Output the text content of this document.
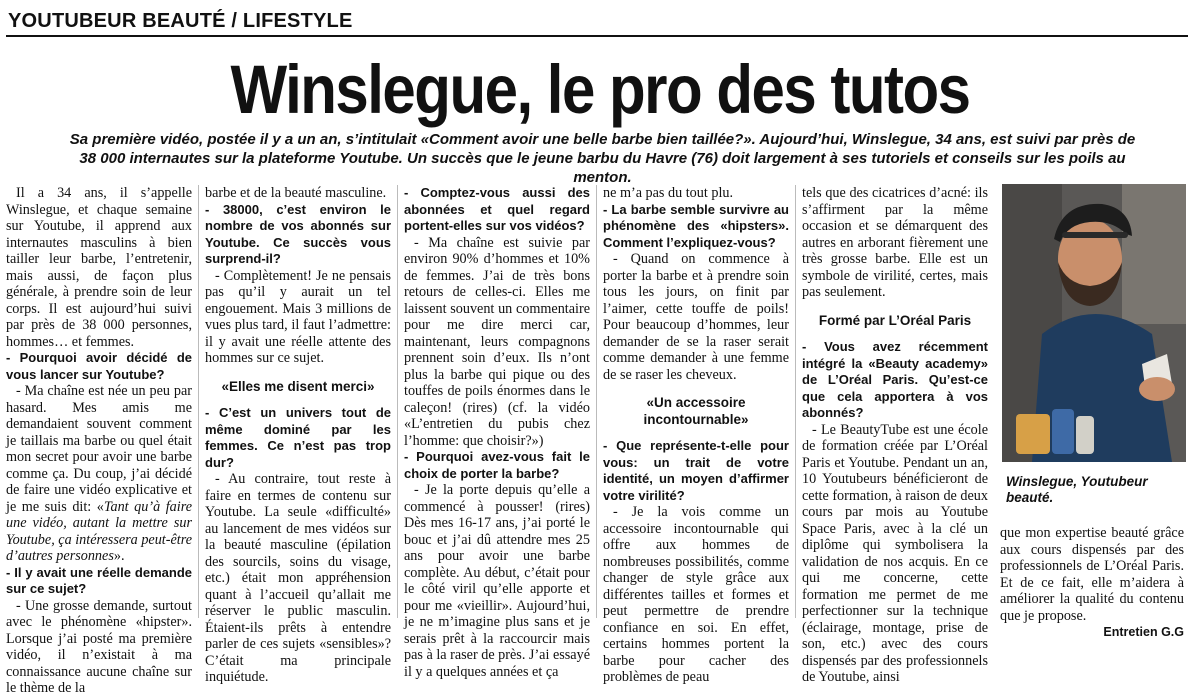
YOUTUBEUR BEAUTÉ / LIFESTYLE
Winslegue, le pro des tutos
Sa première vidéo, postée il y a un an, s’intitulait «Comment avoir une belle barbe bien taillée?». Aujourd’hui, Winslegue, 34 ans, est suivi par près de 38 000 internautes sur la plateforme Youtube. Un succès que le jeune barbu du Havre (76) doit largement à ses tutoriels et conseils sur les poils au menton.

Il a 34 ans, il s’appelle Winslegue, et chaque semaine sur Youtube, il apprend aux internautes masculins à bien tailler leur barbe, l’entretenir, mais aussi, de façon plus générale, à prendre soin de leur corps. Il est aujourd’hui suivi par près de 38 000 personnes, hommes… et femmes.

- Pourquoi avoir décidé de vous lancer sur Youtube?

- Ma chaîne est née un peu par hasard. Mes amis me demandaient souvent comment je taillais ma barbe ou quel était mon secret pour avoir une barbe comme ça. Du coup, j’ai décidé de faire une vidéo explicative et je me suis dit: «Tant qu’à faire une vidéo, autant la mettre sur Youtube, ça intéressera peut-être d’autres personnes».

- Il y avait une réelle demande sur ce sujet?

- Une grosse demande, surtout avec le phénomène «hipster». Lorsque j’ai posté ma première vidéo, il n’existait à ma connaissance aucune chaîne sur le thème de la

barbe et de la beauté masculine.

- 38000, c’est environ le nombre de vos abonnés sur Youtube. Ce succès vous surprend-il?

- Complètement! Je ne pensais pas qu’il y aurait un tel engouement. Mais 3 millions de vues plus tard, il faut l’admettre: il y avait une réelle attente des hommes sur ce sujet.

«Elles me disent merci»

- C’est un univers tout de même dominé par les femmes. Ce n’est pas trop dur?

- Au contraire, tout reste à faire en termes de contenu sur Youtube. La seule «difficulté» au lancement de mes vidéos sur la beauté masculine (épilation des sourcils, soins du visage, etc.) était mon appréhension quant à l’accueil qu’allait me réserver le public masculin. Étaient-ils prêts à entendre parler de ces sujets «sensibles»? C’était ma principale inquiétude.

- Comptez-vous aussi des abonnées et quel regard portent-elles sur vos vidéos?

- Ma chaîne est suivie par environ 90% d’hommes et 10% de femmes. J’ai de très bons retours de celles-ci. Elles me laissent souvent un commentaire pour me dire merci car, maintenant, leurs compagnons prennent soin d’eux. Ils n’ont plus la barbe qui pique ou des touffes de poils énormes dans le caleçon! (rires) (cf. la vidéo «L’entretien du pubis chez l’homme: que choisir?»)

- Pourquoi avez-vous fait le choix de porter la barbe?

- Je la porte depuis qu’elle a commencé à pousser! (rires) Dès mes 16-17 ans, j’ai porté le bouc et j’ai dû attendre mes 25 ans pour avoir une barbe complète. Au début, c’était pour le côté viril qu’elle apporte et pour me «vieillir». Aujourd’hui, je ne m’imagine plus sans et je serais prêt à la raccourcir mais pas à la raser de près. J’ai essayé il y a quelques années et ça

ne m’a pas du tout plu.

- La barbe semble survivre au phénomène des «hipsters». Comment l’expliquez-vous?

- Quand on commence à porter la barbe et à prendre soin tous les jours, on finit par l’aimer, cette touffe de poils! Pour beaucoup d’hommes, leur demander de se la raser serait comme demander à une femme de se raser les cheveux.

«Un accessoire incontournable»

- Que représente-t-elle pour vous: un trait de votre identité, un moyen d’affirmer votre virilité?

- Je la vois comme un accessoire incontournable qui offre aux hommes de nombreuses possibilités, comme changer de style grâce aux différentes tailles et formes et peut permettre de prendre confiance en soi. En effet, certains hommes portent la barbe pour cacher des problèmes de peau

tels que des cicatrices d’acné: ils s’affirment par la même occasion et se démarquent des autres en arborant fièrement une très grosse barbe. Elle est un symbole de virilité, certes, mais pas seulement.

Formé par L’Oréal Paris

- Vous avez récemment intégré la «Beauty academy» de L’Oréal Paris. Qu’est-ce que cela apportera à vos abonnés?

- Le BeautyTube est une école de formation créée par L’Oréal Paris et Youtube. Pendant un an, 10 Youtubeurs bénéficieront de cette formation, à raison de deux cours par mois au Youtube Space Paris, avec à la clé un diplôme qui symbolisera la validation de nos acquis. En ce qui me concerne, cette formation me permet de me perfectionner sur la technique (éclairage, montage, prise de son, etc.) avec des cours dispensés par des professionnels de Youtube, ainsi

Winslegue, Youtubeur beauté.

que mon expertise beauté grâce aux cours dispensés par des professionnels de L’Oréal Paris. Et de ce fait, elle m’aidera à améliorer la qualité du contenu que je propose.

Entretien G.G
